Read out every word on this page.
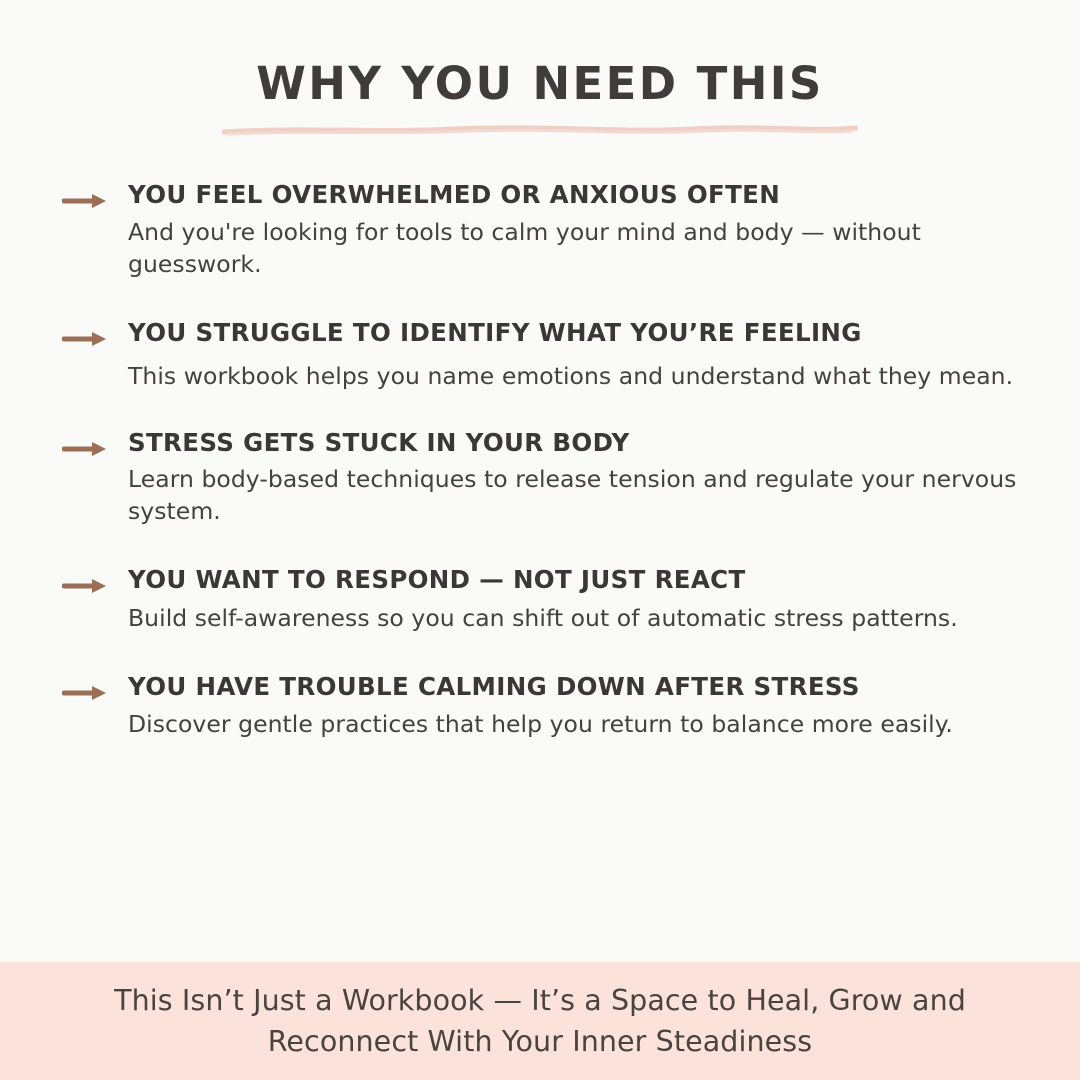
WHY YOU NEED THIS
YOU FEEL OVERWHELMED OR ANXIOUS OFTEN
And you're looking for tools to calm your mind and body — without guesswork.
YOU STRUGGLE TO IDENTIFY WHAT YOU’RE FEELING
This workbook helps you name emotions and understand what they mean.
STRESS GETS STUCK IN YOUR BODY
Learn body-based techniques to release tension and regulate your nervous system.
YOU WANT TO RESPOND — NOT JUST REACT
Build self-awareness so you can shift out of automatic stress patterns.
YOU HAVE TROUBLE CALMING DOWN AFTER STRESS
Discover gentle practices that help you return to balance more easily.
This Isn’t Just a Workbook — It’s a Space to Heal, Grow and Reconnect With Your Inner Steadiness
